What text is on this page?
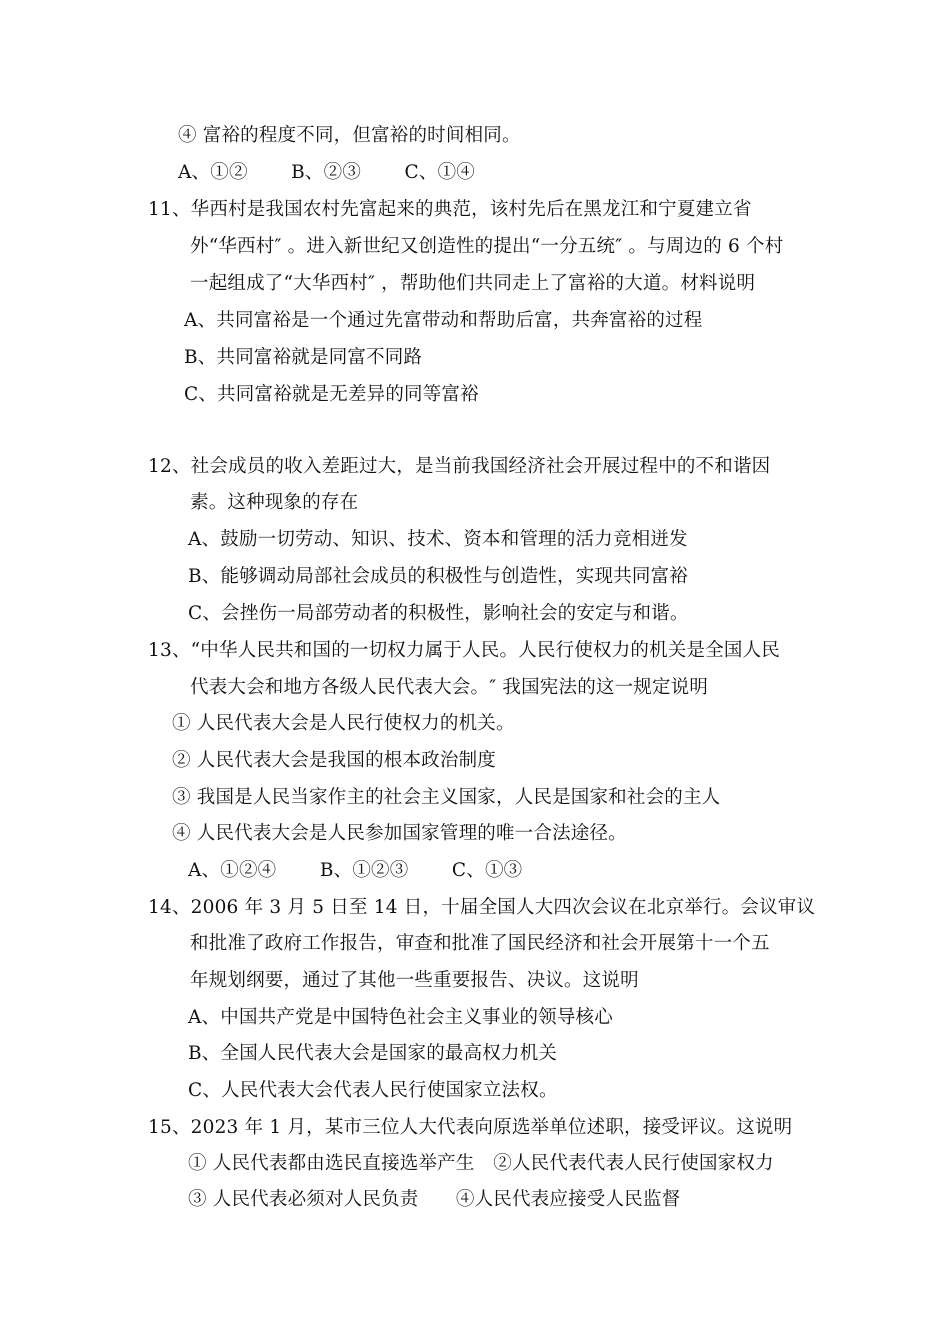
④ 富裕的程度不同，但富裕的时间相同。
A、①②　　 B、②③　　 C、①④
11、华西村是我国农村先富起来的典范，该村先后在黑龙江和宁夏建立省
外“华西村″ 。进入新世纪又创造性的提出“一分五统″ 。与周边的 6 个村
一起组成了“大华西村″ ，帮助他们共同走上了富裕的大道。材料说明
A、共同富裕是一个通过先富带动和帮助后富，共奔富裕的过程
B、共同富裕就是同富不同路
C、共同富裕就是无差异的同等富裕
12、社会成员的收入差距过大，是当前我国经济社会开展过程中的不和谐因
素。这种现象的存在
A、鼓励一切劳动、知识、技术、资本和管理的活力竞相迸发
B、能够调动局部社会成员的积极性与创造性，实现共同富裕
C、会挫伤一局部劳动者的积极性，影响社会的安定与和谐。
13、“中华人民共和国的一切权力属于人民。人民行使权力的机关是全国人民
代表大会和地方各级人民代表大会。″ 我国宪法的这一规定说明
① 人民代表大会是人民行使权力的机关。
② 人民代表大会是我国的根本政治制度
③ 我国是人民当家作主的社会主义国家，人民是国家和社会的主人
④ 人民代表大会是人民参加国家管理的唯一合法途径。
A、①②④　　 B、①②③　　 C、①③
14、2006 年 3 月 5 日至 14 日，十届全国人大四次会议在北京举行。会议审议
和批准了政府工作报告，审查和批准了国民经济和社会开展第十一个五
年规划纲要，通过了其他一些重要报告、决议。这说明
A、中国共产党是中国特色社会主义事业的领导核心
B、全国人民代表大会是国家的最高权力机关
C、人民代表大会代表人民行使国家立法权。
15、2023 年 1 月，某市三位人大代表向原选举单位述职，接受评议。这说明
① 人民代表都由选民直接选举产生　②人民代表代表人民行使国家权力
③ 人民代表必须对人民负责　　④人民代表应接受人民监督
